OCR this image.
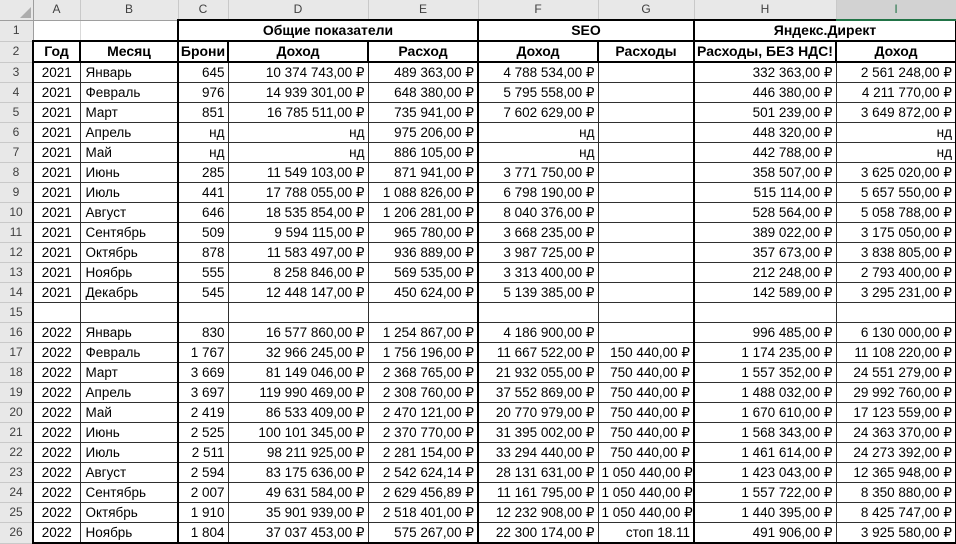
	A	B	C	D	E	F	G	H	I
1			Общие показатели			SEO		Яндекс.Директ	
2	Год	Месяц	Брони	Доход	Расход	Доход	Расходы	Расходы, БЕЗ НДС!	Доход
3	2021	Январь	645	10 374 743,00 ₽	489 363,00 ₽	4 788 534,00 ₽		332 363,00 ₽	2 561 248,00 ₽
4	2021	Февраль	976	14 939 301,00 ₽	648 380,00 ₽	5 795 558,00 ₽		446 380,00 ₽	4 211 770,00 ₽
5	2021	Март	851	16 785 511,00 ₽	735 941,00 ₽	7 602 629,00 ₽		501 239,00 ₽	3 649 872,00 ₽
6	2021	Апрель	нд	нд	975 206,00 ₽	нд		448 320,00 ₽	нд
7	2021	Май	нд	нд	886 105,00 ₽	нд		442 788,00 ₽	нд
8	2021	Июнь	285	11 549 103,00 ₽	871 941,00 ₽	3 771 750,00 ₽		358 507,00 ₽	3 625 020,00 ₽
9	2021	Июль	441	17 788 055,00 ₽	1 088 826,00 ₽	6 798 190,00 ₽		515 114,00 ₽	5 657 550,00 ₽
10	2021	Август	646	18 535 854,00 ₽	1 206 281,00 ₽	8 040 376,00 ₽		528 564,00 ₽	5 058 788,00 ₽
11	2021	Сентябрь	509	9 594 115,00 ₽	965 780,00 ₽	3 668 235,00 ₽		389 022,00 ₽	3 175 050,00 ₽
12	2021	Октябрь	878	11 583 497,00 ₽	936 889,00 ₽	3 987 725,00 ₽		357 673,00 ₽	3 838 805,00 ₽
13	2021	Ноябрь	555	8 258 846,00 ₽	569 535,00 ₽	3 313 400,00 ₽		212 248,00 ₽	2 793 400,00 ₽
14	2021	Декабрь	545	12 448 147,00 ₽	450 624,00 ₽	5 139 385,00 ₽		142 589,00 ₽	3 295 231,00 ₽
15									
16	2022	Январь	830	16 577 860,00 ₽	1 254 867,00 ₽	4 186 900,00 ₽		996 485,00 ₽	6 130 000,00 ₽
17	2022	Февраль	1 767	32 966 245,00 ₽	1 756 196,00 ₽	11 667 522,00 ₽	150 440,00 ₽	1 174 235,00 ₽	11 108 220,00 ₽
18	2022	Март	3 669	81 149 046,00 ₽	2 368 765,00 ₽	21 932 055,00 ₽	750 440,00 ₽	1 557 352,00 ₽	24 551 279,00 ₽
19	2022	Апрель	3 697	119 990 469,00 ₽	2 308 760,00 ₽	37 552 869,00 ₽	750 440,00 ₽	1 488 032,00 ₽	29 992 760,00 ₽
20	2022	Май	2 419	86 533 409,00 ₽	2 470 121,00 ₽	20 770 979,00 ₽	750 440,00 ₽	1 670 610,00 ₽	17 123 559,00 ₽
21	2022	Июнь	2 525	100 101 345,00 ₽	2 370 770,00 ₽	31 395 002,00 ₽	750 440,00 ₽	1 568 343,00 ₽	24 363 370,00 ₽
22	2022	Июль	2 511	98 211 925,00 ₽	2 281 154,00 ₽	33 294 440,00 ₽	750 440,00 ₽	1 461 614,00 ₽	24 273 392,00 ₽
23	2022	Август	2 594	83 175 636,00 ₽	2 542 624,14 ₽	28 131 631,00 ₽	1 050 440,00 ₽	1 423 043,00 ₽	12 365 948,00 ₽
24	2022	Сентябрь	2 007	49 631 584,00 ₽	2 629 456,89 ₽	11 161 795,00 ₽	1 050 440,00 ₽	1 557 722,00 ₽	8 350 880,00 ₽
25	2022	Октябрь	1 910	35 901 939,00 ₽	2 518 401,00 ₽	12 232 908,00 ₽	1 050 440,00 ₽	1 440 395,00 ₽	8 425 747,00 ₽
26	2022	Ноябрь	1 804	37 037 453,00 ₽	575 267,00 ₽	22 300 174,00 ₽	стоп 18.11	491 906,00 ₽	3 925 580,00 ₽
